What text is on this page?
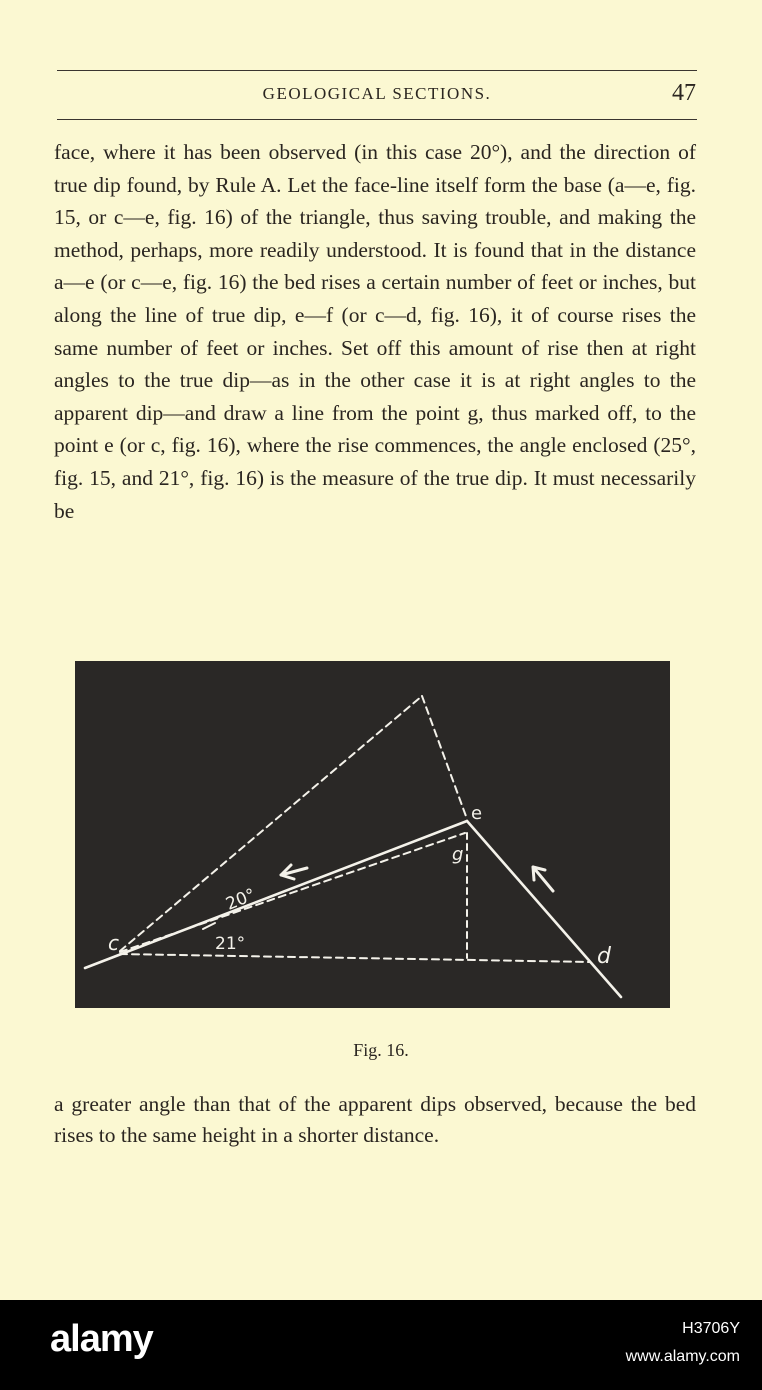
GEOLOGICAL SECTIONS.	47

face, where it has been observed (in this case 20°), and the direction of true dip found, by Rule A. Let the face-line itself form the base (a—e, fig. 15, or c—e, fig. 16) of the triangle, thus saving trouble, and making the method, perhaps, more readily understood. It is found that in the distance a—e (or c—e, fig. 16) the bed rises a certain number of feet or inches, but along the line of true dip, e—f (or c—d, fig. 16), it of course rises the same number of feet or inches. Set off this amount of rise then at right angles to the true dip—as in the other case it is at right angles to the apparent dip—and draw a line from the point g, thus marked off, to the point e (or c, fig. 16), where the rise commences, the angle enclosed (25°, fig. 15, and 21°, fig. 16) is the measure of the true dip. It must necessarily be

c
e
g
d
20°
21°
Fig. 16.

a greater angle than that of the apparent dips observed, because the bed rises to the same height in a shorter distance.

alamy	H3706Y
www.alamy.com
